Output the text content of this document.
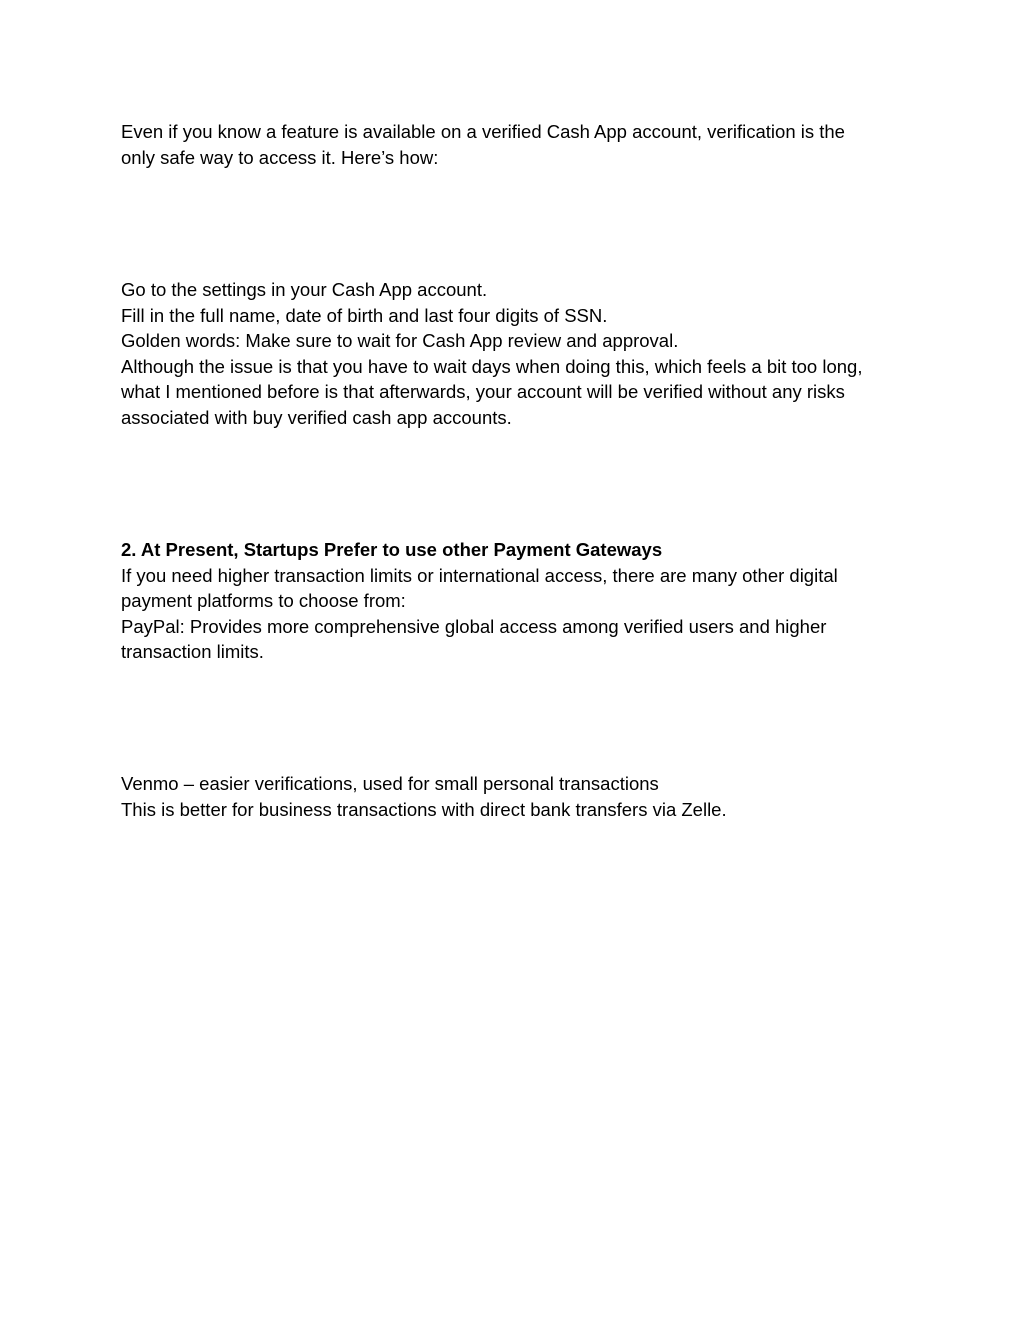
Even if you know a feature is available on a verified Cash App account, verification is the
only safe way to access it. Here’s how:

Go to the settings in your Cash App account.
Fill in the full name, date of birth and last four digits of SSN.
Golden words: Make sure to wait for Cash App review and approval.
Although the issue is that you have to wait days when doing this, which feels a bit too long,
what I mentioned before is that afterwards, your account will be verified without any risks
associated with buy verified cash app accounts.

2. At Present, Startups Prefer to use other Payment Gateways
If you need higher transaction limits or international access, there are many other digital
payment platforms to choose from:
PayPal: Provides more comprehensive global access among verified users and higher
transaction limits.

Venmo – easier verifications, used for small personal transactions
This is better for business transactions with direct bank transfers via Zelle.
